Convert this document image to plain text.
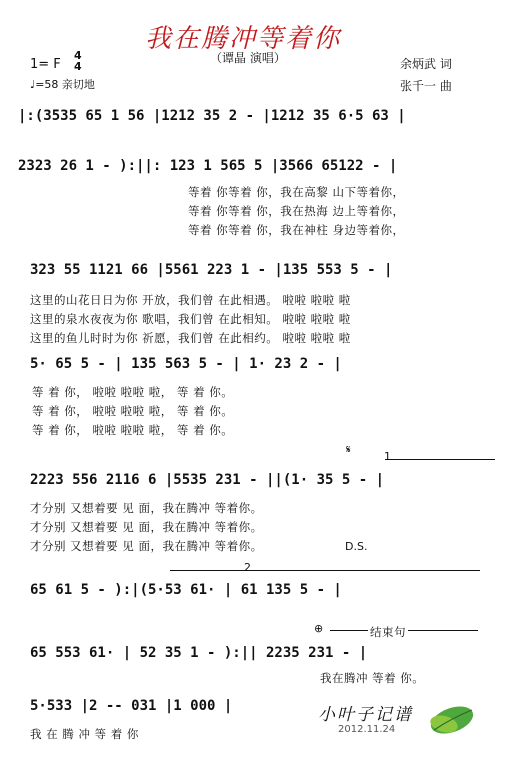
我在腾冲等着你
（谭晶 演唱）
1= F
4
4
♩=58 亲切地
余炳武 词
张千一 曲
|:(3535 65 1 56 |1212 35 2 - |1212 35 6·5 63 |
2323 26 1 - ):||: 123 1 565 5 |3566 65122 - |
等着 你等着 你，我在高黎 山下等着你，
等着 你等着 你，我在热海 边上等着你，
等着 你等着 你，我在神柱 身边等着你，
323 55 1121 66 |5561 223 1 - |135 553 5 - |
这里的山花日日为你 开放，我们曾 在此相遇。 啦啦 啦啦 啦
这里的泉水夜夜为你 歌唱，我们曾 在此相知。 啦啦 啦啦 啦
这里的鱼儿时时为你 祈愿，我们曾 在此相约。 啦啦 啦啦 啦
5· 65 5 - | 135 563 5 - | 1· 23 2 - |
等 着 你， 啦啦 啦啦 啦， 等 着 你。
等 着 你， 啦啦 啦啦 啦， 等 着 你。
等 着 你， 啦啦 啦啦 啦， 等 着 你。
𝄋
1
2223 556 2116 6 |5535 231 - ||(1· 35 5 - |
才分别 又想着要 见 面，我在腾冲 等着你。
才分别 又想着要 见 面，我在腾冲 等着你。
才分别 又想着要 见 面，我在腾冲 等着你。	D.S.
2
65 61 5 - ):|(5·53 61· | 61 135 5 - |
⊕	结束句
65 553 61· | 52 35 1 - ):|| 2235 231 - |
我在腾冲 等着 你。
5·533 |2 -- 031 |1 000 |
我 在 腾 冲 等 着 你
小叶子记谱
2012.11.24
